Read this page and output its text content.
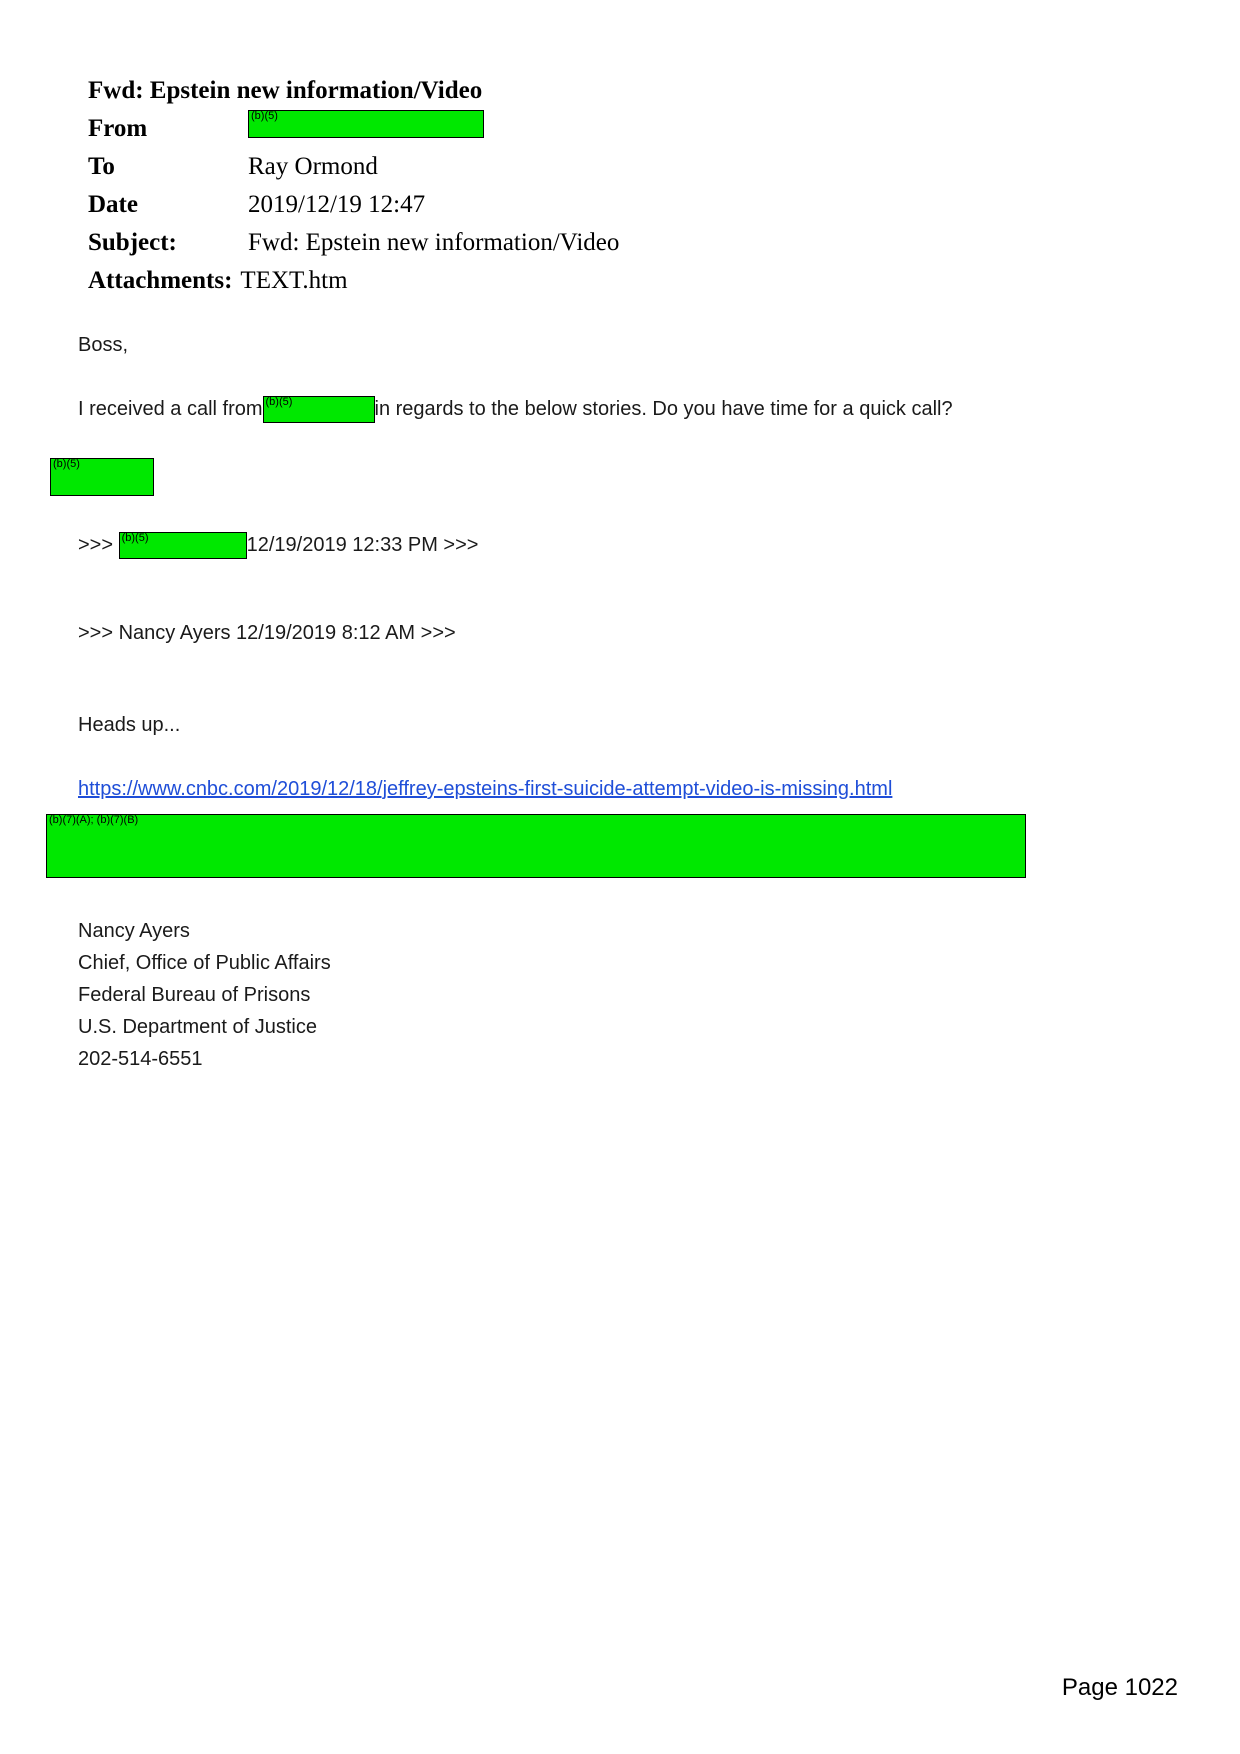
Fwd: Epstein new information/Video
From	(b)(5)
To	Ray Ormond
Date	2019/12/19 12:47
Subject:	Fwd: Epstein new information/Video
Attachments: TEXT.htm

Boss,

I received a call from (b)(5)	in regards to the below stories. Do you have time for a quick call?

(b)(5)

>>> (b)(5)	12/19/2019 12:33 PM >>>

>>> Nancy Ayers 12/19/2019 8:12 AM >>>

Heads up...

https://www.cnbc.com/2019/12/18/jeffrey-epsteins-first-suicide-attempt-video-is-missing.html

(b)(7)(A); (b)(7)(B)

Nancy Ayers
Chief, Office of Public Affairs
Federal Bureau of Prisons
U.S. Department of Justice
202-514-6551
Page 1022
